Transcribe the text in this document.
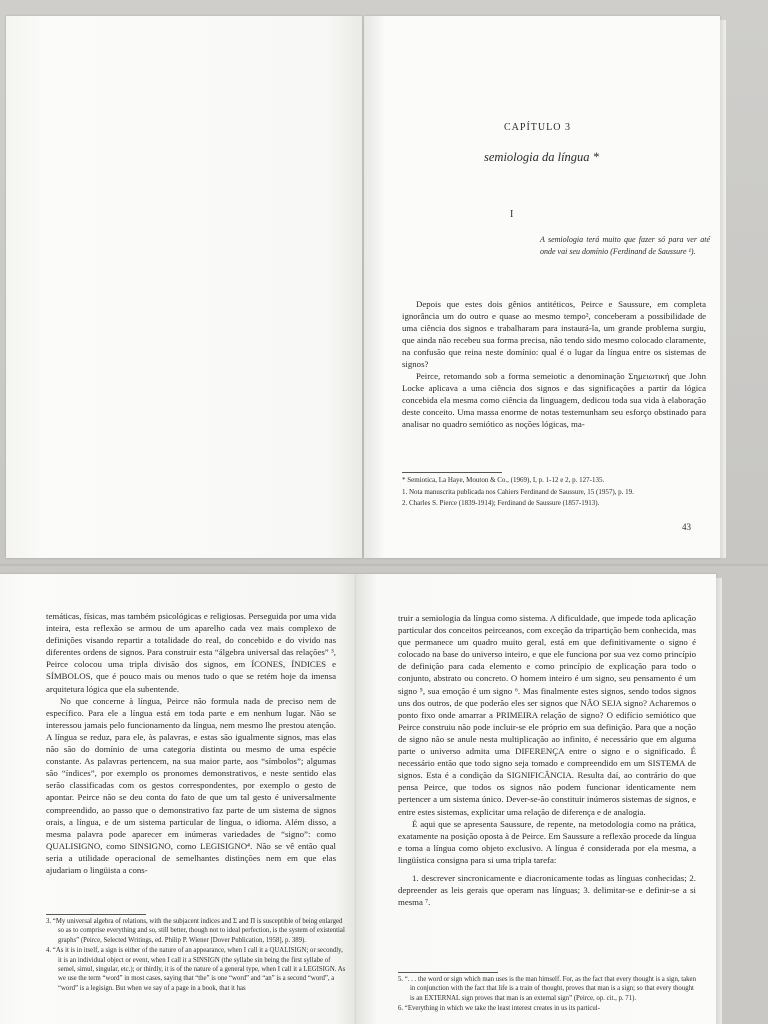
CAPÍTULO 3
semiologia da língua *
I
A semiologia terá muito que fazer só para ver até onde vai seu domínio (Ferdinand de Saussure ¹).

Depois que estes dois gênios antitéticos, Peirce e Saussure, em completa ignorância um do outro e quase ao mesmo tempo², conceberam a possibilidade de uma ciência dos signos e trabalharam para instaurá-la, um grande problema surgiu, que ainda não recebeu sua forma precisa, não tendo sido mesmo colocado claramente, na confusão que reina neste domínio: qual é o lugar da língua entre os sistemas de signos?

Peirce, retomando sob a forma semeiotic a denominação Σημειωτική que John Locke aplicava a uma ciência dos signos e das significações a partir da lógica concebida ela mesma como ciência da linguagem, dedicou toda sua vida à elaboração deste conceito. Uma massa enorme de notas testemunham seu esforço obstinado para analisar no quadro semiótico as noções lógicas, ma-

* Semiotica, La Haye, Mouton & Co., (1969), I, p. 1-12 e 2, p. 127-135.

1. Nota manuscrita publicada nos Cahiers Ferdinand de Saussure, 15 (1957), p. 19.

2. Charles S. Pierce (1839-1914); Ferdinand de Saussure (1857-1913).

43

temáticas, físicas, mas também psicológicas e religiosas. Perseguida por uma vida inteira, esta reflexão se armou de um aparelho cada vez mais complexo de definições visando repartir a totalidade do real, do concebido e do vivido nas diferentes ordens de signos. Para construir esta “álgebra universal das relações” ³, Peirce colocou uma tripla divisão dos signos, em ÍCONES, ÍNDICES e SÍMBOLOS, que é pouco mais ou menos tudo o que se retém hoje da imensa arquitetura lógica que ela subentende.

No que concerne à língua, Peirce não formula nada de preciso nem de específico. Para ele a língua está em toda parte e em nenhum lugar. Não se interessou jamais pelo funcionamento da língua, nem mesmo lhe prestou atenção. A língua se reduz, para ele, às palavras, e estas são igualmente signos, mas elas não são do domínio de uma categoria distinta ou mesmo de uma espécie constante. As palavras pertencem, na sua maior parte, aos “símbolos”; algumas são “índices”, por exemplo os pronomes demonstrativos, e neste sentido elas serão classificadas com os gestos correspondentes, por exemplo o gesto de apontar. Peirce não se deu conta do fato de que um tal gesto é universalmente compreendido, ao passo que o demonstrativo faz parte de um sistema de signos orais, a língua, e de um sistema particular de língua, o idioma. Além disso, a mesma palavra pode aparecer em inúmeras variedades de “signo”: como QUALISIGNO, como SINSIGNO, como LEGISIGNO⁴. Não se vê então qual seria a utilidade operacional de semelhantes distinções nem em que elas ajudariam o lingüista a cons-

3. “My universal algebra of relations, with the subjacent indices and Σ and Π is susceptible of being enlarged so as to comprise everything and so, still better, though not to ideal perfection, is the system of existential graphs” (Peirce, Selected Writings, ed. Philip P. Wiener [Dover Publication, 1958], p. 389).

4. “As it is in itself, a sign is either of the nature of an appearance, when I call it a QUALISIGN; or secondly, it is an individual object or event, when I call it a SINSIGN (the syllabe sin being the first syllabe of semel, simul, singular, etc.); or thirdly, it is of the nature of a general type, when I call it a LEGISIGN. As we use the term “word” in most cases, saying that “the” is one “word” and “an” is a second “word”, a “word” is a legisign. But when we say of a page in a book, that it has

truir a semiologia da língua como sistema. A dificuldade, que impede toda aplicação particular dos conceitos peirceanos, com exceção da tripartição bem conhecida, mas que permanece um quadro muito geral, está em que definitivamente o signo é colocado na base do universo inteiro, e que ele funciona por sua vez como princípio de definição para cada elemento e como princípio de explicação para todo o conjunto, abstrato ou concreto. O homem inteiro é um signo, seu pensamento é um signo ⁵, sua emoção é um signo ⁶. Mas finalmente estes signos, sendo todos signos uns dos outros, de que poderão eles ser signos que NÃO SEJA signo? Acharemos o ponto fixo onde amarrar a PRIMEIRA relação de signo? O edifício semiótico que Peirce construiu não pode incluir-se ele próprio em sua definição. Para que a noção de signo não se anule nesta multiplicação ao infinito, é necessário que em alguma parte o universo admita uma DIFERENÇA entre o signo e o significado. É necessário então que todo signo seja tomado e compreendido em um SISTEMA de signos. Esta é a condição da SIGNIFICÂNCIA. Resulta daí, ao contrário do que pensa Peirce, que todos os signos não podem funcionar identicamente nem pertencer a um sistema único. Dever-se-ão constituir inúmeros sistemas de signos, e entre estes sistemas, explicitar uma relação de diferença e de analogia.

É aqui que se apresenta Saussure, de repente, na metodologia como na prática, exatamente na posição oposta à de Peirce. Em Saussure a reflexão procede da língua e toma a língua como objeto exclusivo. A língua é considerada por ela mesma, a lingüística consigna para si uma tripla tarefa:

1. descrever sincronicamente e diacronicamente todas as línguas conhecidas; 2. depreender as leis gerais que operam nas línguas; 3. delimitar-se e definir-se a si mesma ⁷.

5. “. . . the word or sign which man uses is the man himself. For, as the fact that every thought is a sign, taken in conjunction with the fact that life is a train of thought, proves that man is a sign; so that every thought is an EXTERNAL sign proves that man is an external sign” (Peirce, op. cit., p. 71).

6. “Everything in which we take the least interest creates in us its particul-
